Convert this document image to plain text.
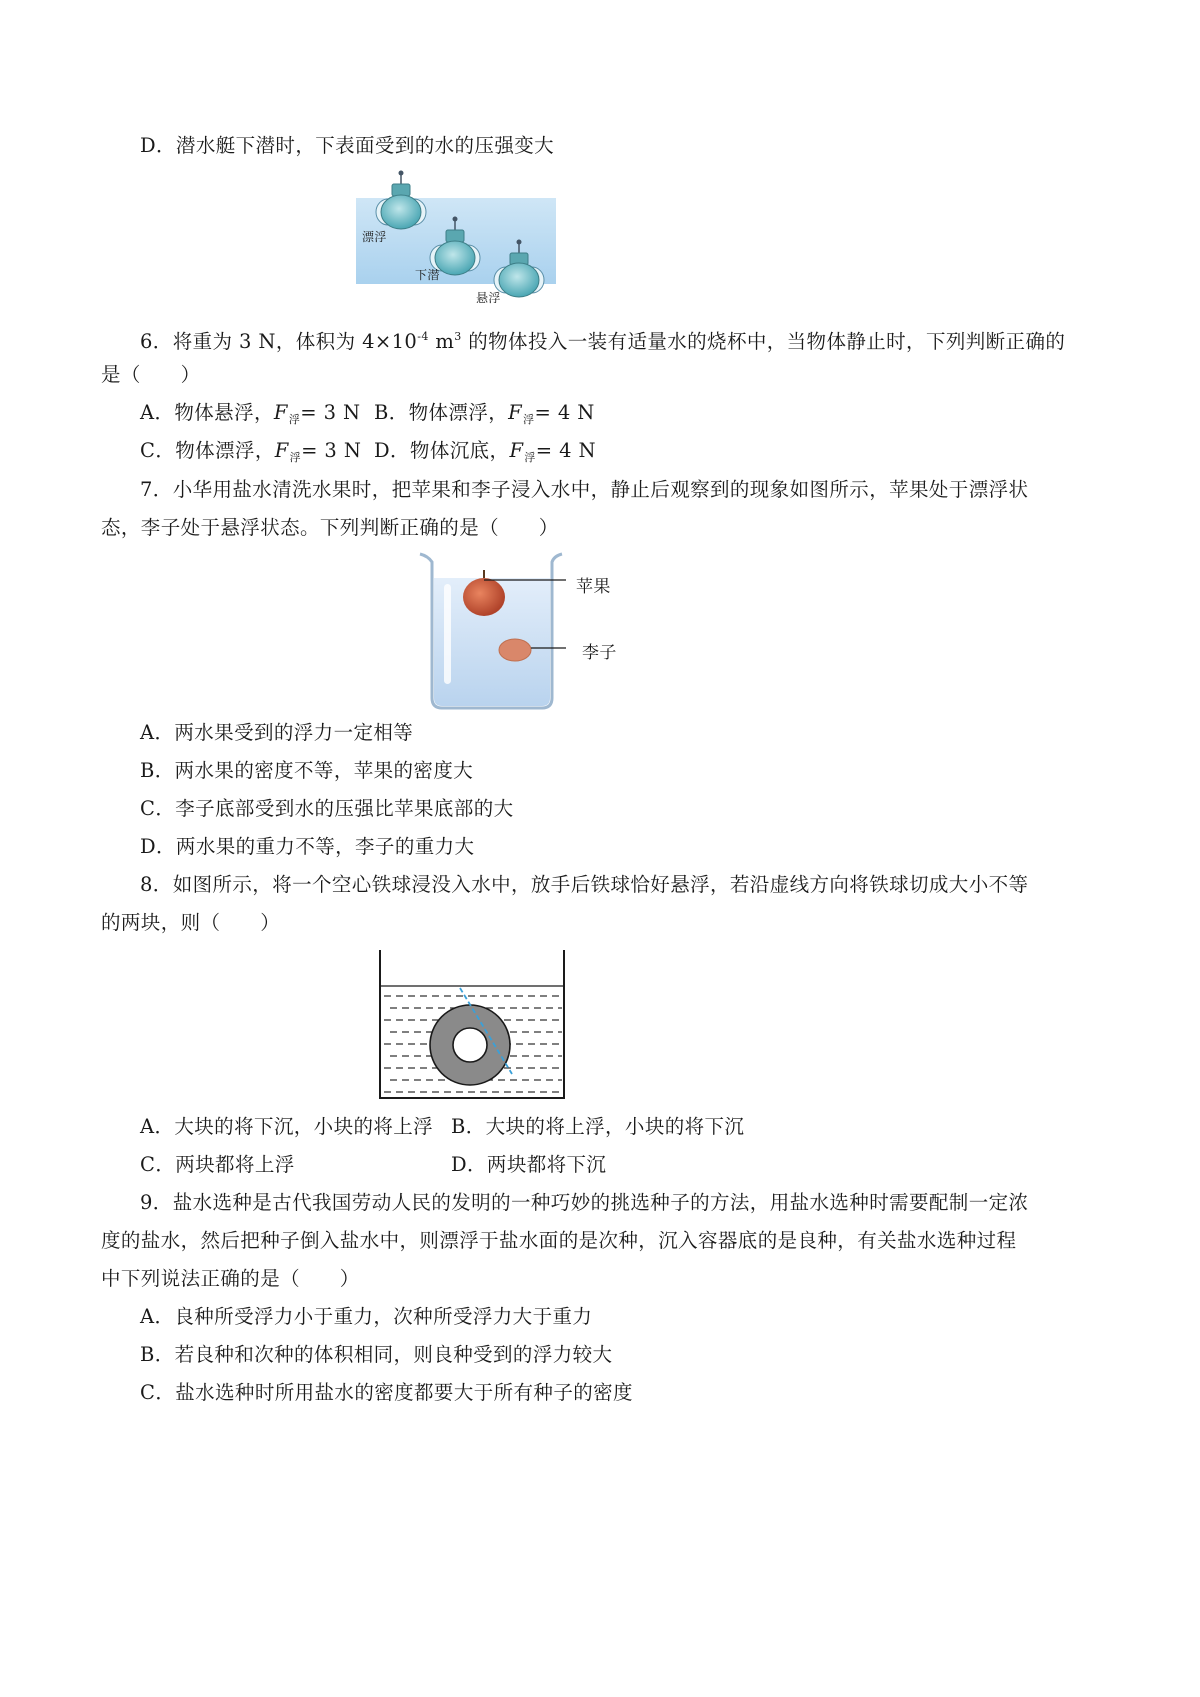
D．潜水艇下潜时，下表面受到的水的压强变大
漂浮
下潜
悬浮
6．将重为 3 N，体积为 $4\times 10^{-4}$ $m^3$ 的物体投入一装有适量水的烧杯中，当物体静止时，下列判断正确的
是（　　）
A．物体悬浮，$F_浮= 3$ N B．物体漂浮，$F_浮= 4$ N
C．物体漂浮，$F_浮= 3$ N D．物体沉底，$F_浮= 4$ N
7．小华用盐水清洗水果时，把苹果和李子浸入水中，静止后观察到的现象如图所示，苹果处于漂浮状
态，李子处于悬浮状态。下列判断正确的是（　　）
苹果
李子
A．两水果受到的浮力一定相等
B．两水果的密度不等，苹果的密度大
C．李子底部受到水的压强比苹果底部的大
D．两水果的重力不等，李子的重力大
8．如图所示，将一个空心铁球浸没入水中，放手后铁球恰好悬浮，若沿虚线方向将铁球切成大小不等
的两块，则（　　）
A．大块的将下沉，小块的将上浮 B．大块的将上浮，小块的将下沉
C．两块都将上浮	D．两块都将下沉
9．盐水选种是古代我国劳动人民的发明的一种巧妙的挑选种子的方法，用盐水选种时需要配制一定浓
度的盐水，然后把种子倒入盐水中，则漂浮于盐水面的是次种，沉入容器底的是良种，有关盐水选种过程
中下列说法正确的是（　　）
A．良种所受浮力小于重力，次种所受浮力大于重力
B．若良种和次种的体积相同，则良种受到的浮力较大
C．盐水选种时所用盐水的密度都要大于所有种子的密度
